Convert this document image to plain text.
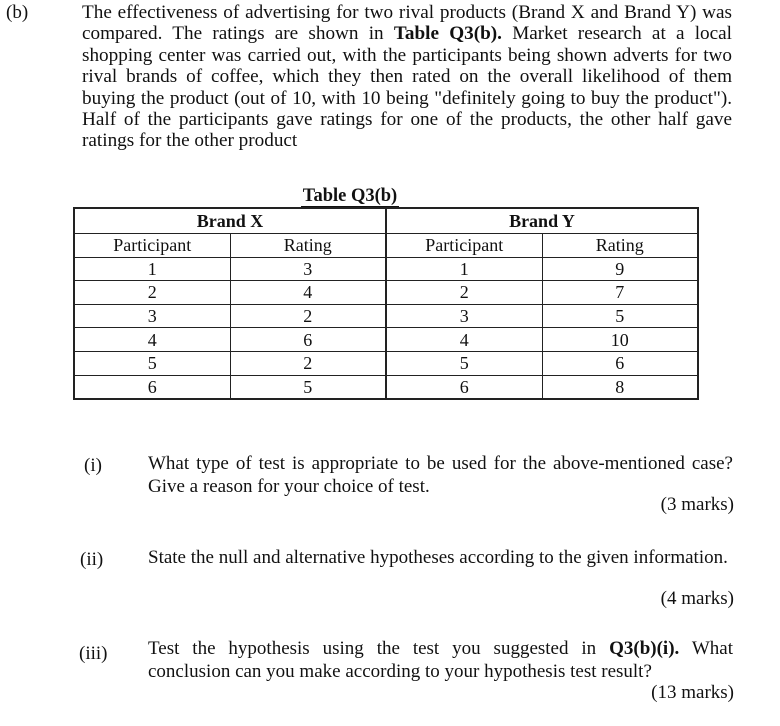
(b)	The effectiveness of advertising for two rival products (Brand X and Brand Y) was compared. The ratings are shown in Table Q3(b). Market research at a local shopping center was carried out, with the participants being shown adverts for two rival brands of coffee, which they then rated on the overall likelihood of them buying the product (out of 10, with 10 being "definitely going to buy the product"). Half of the participants gave ratings for one of the products, the other half gave ratings for the other product
Table Q3(b)
Brand X		Brand Y	
Participant	Rating	Participant	Rating
1	3	1	9
2	4	2	7
3	2	3	5
4	6	4	10
5	2	5	6
6	5	6	8
(i) What type of test is appropriate to be used for the above-mentioned case? Give a reason for your choice of test.
(3 marks)
(ii) State the null and alternative hypotheses according to the given information.
(4 marks)
(iii) Test the hypothesis using the test you suggested in Q3(b)(i). What conclusion can you make according to your hypothesis test result?
(13 marks)
